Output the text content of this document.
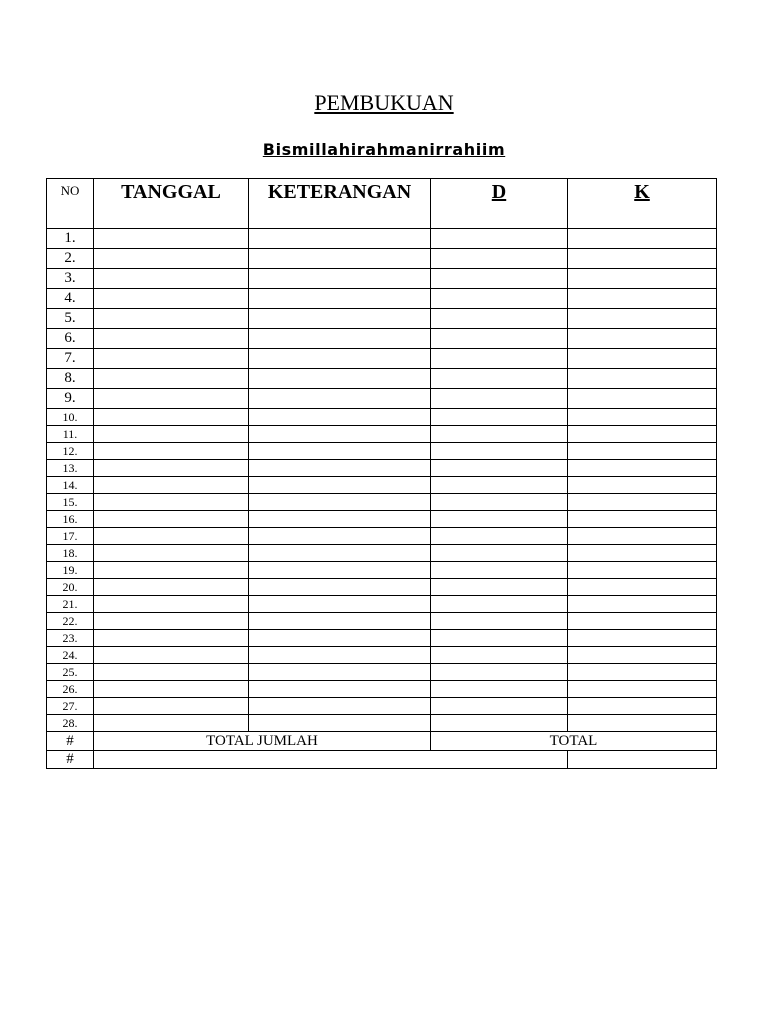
PEMBUKUAN
Bismillahirahmanirrahiim
NO	TANGGAL	KETERANGAN	D	K
1.				
2.				
3.				
4.				
5.				
6.				
7.				
8.				
9.				
10.				
11.				
12.				
13.				
14.				
15.				
16.				
17.				
18.				
19.				
20.				
21.				
22.				
23.				
24.				
25.				
26.				
27.				
28.				
#	TOTAL JUMLAH		TOTAL	
#				
